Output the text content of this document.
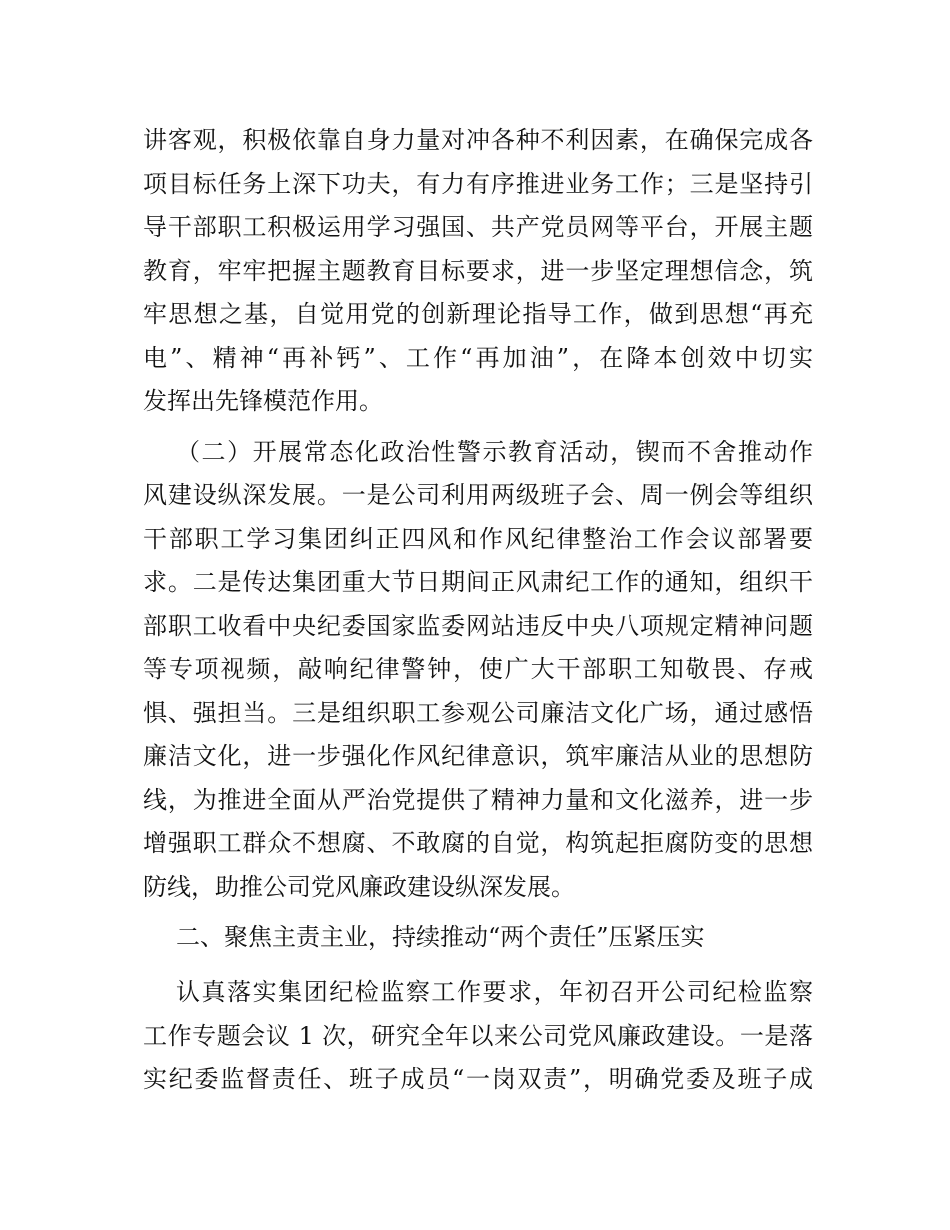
讲客观，积极依靠自身力量对冲各种不利因素，在确保完成各
项目标任务上深下功夫，有力有序推进业务工作；三是坚持引
导干部职工积极运用学习强国、共产党员网等平台，开展主题
教育，牢牢把握主题教育目标要求，进一步坚定理想信念，筑
牢思想之基，自觉用党的创新理论指导工作，做到思想“再充
电”、精神“再补钙”、工作“再加油”，在降本创效中切实
发挥出先锋模范作用。
（二）开展常态化政治性警示教育活动，锲而不舍推动作
风建设纵深发展。一是公司利用两级班子会、周一例会等组织
干部职工学习集团纠正四风和作风纪律整治工作会议部署要
求。二是传达集团重大节日期间正风肃纪工作的通知，组织干
部职工收看中央纪委国家监委网站违反中央八项规定精神问题
等专项视频，敲响纪律警钟，使广大干部职工知敬畏、存戒
惧、强担当。三是组织职工参观公司廉洁文化广场，通过感悟
廉洁文化，进一步强化作风纪律意识，筑牢廉洁从业的思想防
线，为推进全面从严治党提供了精神力量和文化滋养，进一步
增强职工群众不想腐、不敢腐的自觉，构筑起拒腐防变的思想
防线，助推公司党风廉政建设纵深发展。
二、聚焦主责主业，持续推动“两个责任”压紧压实
认真落实集团纪检监察工作要求，年初召开公司纪检监察
工作专题会议 1 次，研究全年以来公司党风廉政建设。一是落
实纪委监督责任、班子成员“一岗双责”，明确党委及班子成
